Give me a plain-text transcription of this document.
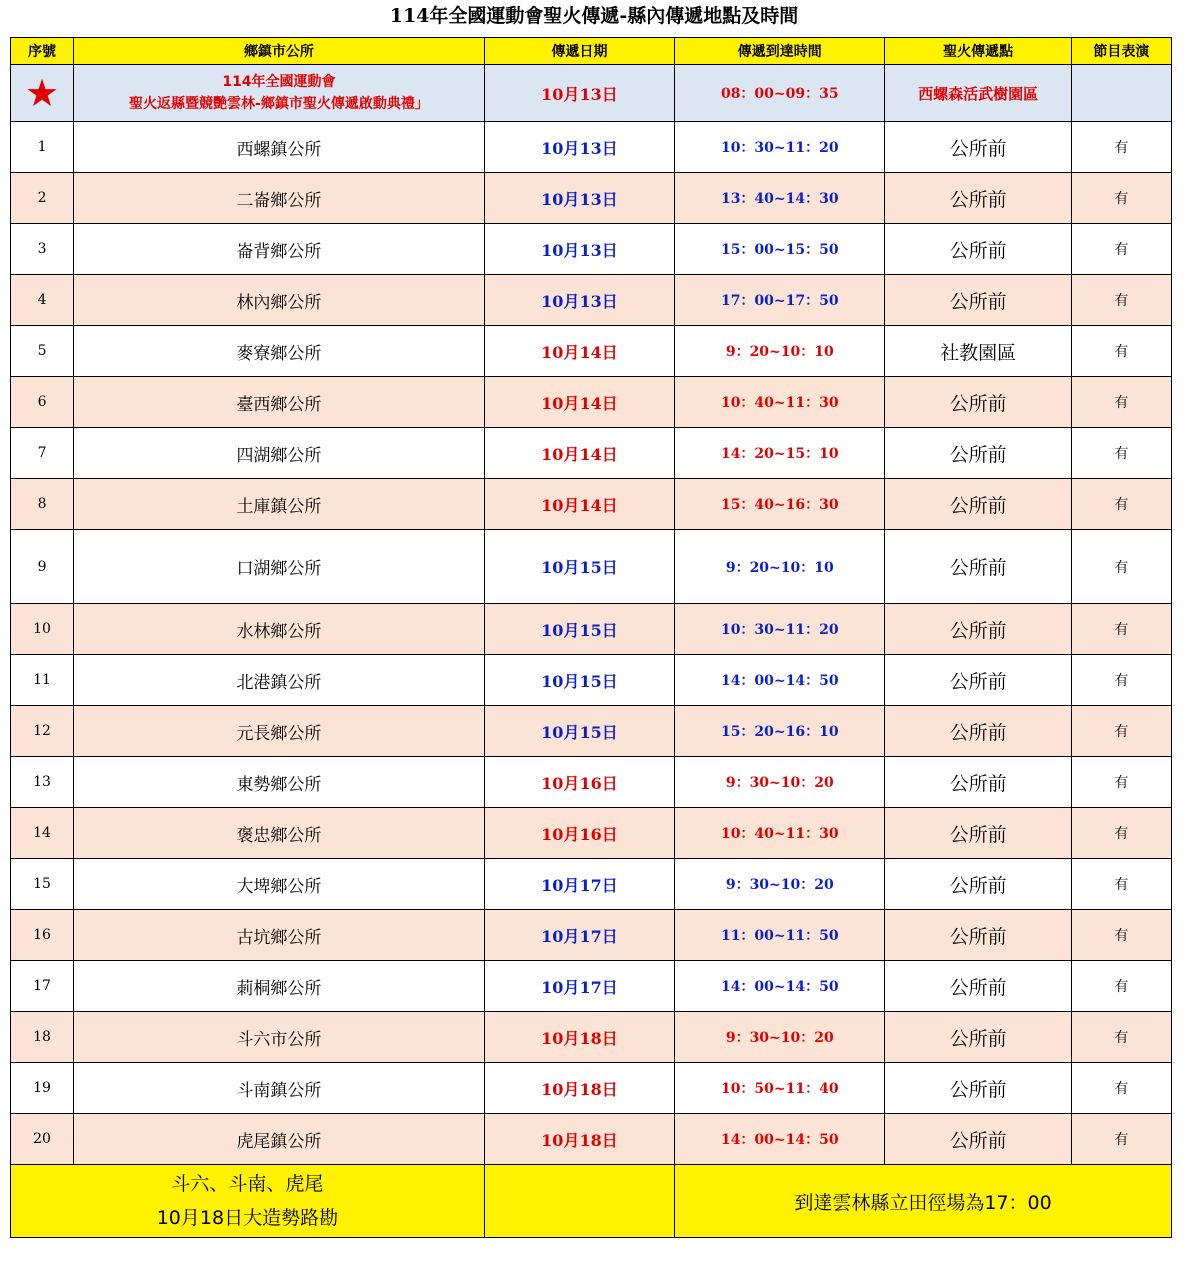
114年全國運動會聖火傳遞-縣內傳遞地點及時間
序號	鄉鎮市公所	傳遞日期	傳遞到達時間	聖火傳遞點	節目表演
★	114年全國運動會
聖火返縣暨競艷雲林-鄉鎮市聖火傳遞啟動典禮」	10月13日	08：00~09：35	西螺森活武樹園區	
1	西螺鎮公所	10月13日	10：30~11：20	公所前	有
2	二崙鄉公所	10月13日	13：40~14：30	公所前	有
3	崙背鄉公所	10月13日	15：00~15：50	公所前	有
4	林內鄉公所	10月13日	17：00~17：50	公所前	有
5	麥寮鄉公所	10月14日	9：20~10：10	社教園區	有
6	臺西鄉公所	10月14日	10：40~11：30	公所前	有
7	四湖鄉公所	10月14日	14：20~15：10	公所前	有
8	土庫鎮公所	10月14日	15：40~16：30	公所前	有
9	口湖鄉公所	10月15日	9：20~10：10	公所前	有
10	水林鄉公所	10月15日	10：30~11：20	公所前	有
11	北港鎮公所	10月15日	14：00~14：50	公所前	有
12	元長鄉公所	10月15日	15：20~16：10	公所前	有
13	東勢鄉公所	10月16日	9：30~10：20	公所前	有
14	褒忠鄉公所	10月16日	10：40~11：30	公所前	有
15	大埤鄉公所	10月17日	9：30~10：20	公所前	有
16	古坑鄉公所	10月17日	11：00~11：50	公所前	有
17	莿桐鄉公所	10月17日	14：00~14：50	公所前	有
18	斗六市公所	10月18日	9：30~10：20	公所前	有
19	斗南鎮公所	10月18日	10：50~11：40	公所前	有
20	虎尾鎮公所	10月18日	14：00~14：50	公所前	有

斗六、斗南、虎尾
10月18日大造勢路勘			到達雲林縣立田徑場為17：00		
